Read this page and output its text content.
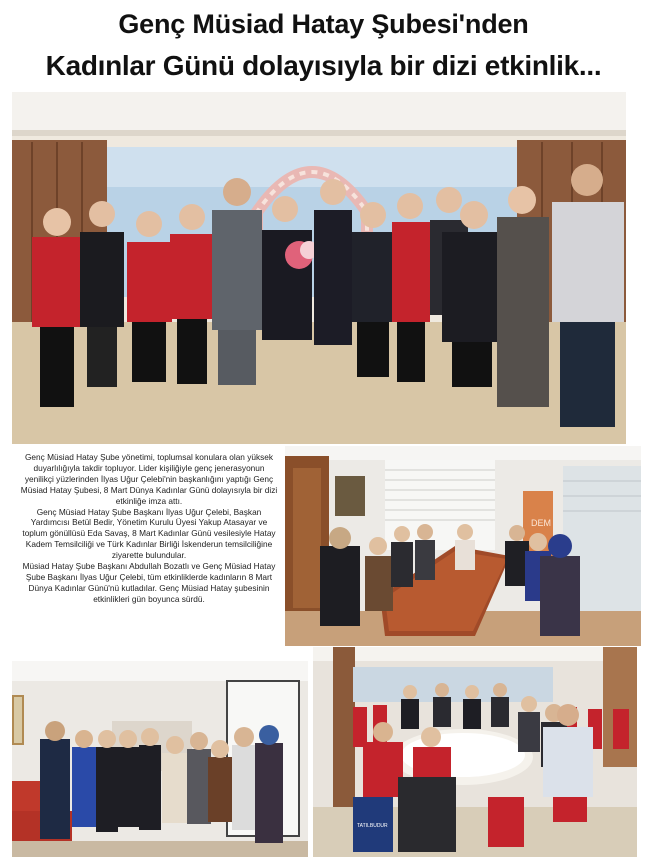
Genç Müsiad Hatay Şubesi'nden
Kadınlar Günü dolayısıyla bir dizi etkinlik...

Genç Müsiad Hatay Şube yönetimi, toplumsal konulara olan yüksek duyarlılığıyla takdir topluyor. Lider kişiliğiyle genç jenerasyonun yenilikçi yüzlerinden İlyas Uğur Çelebi'nin başkanlığını yaptığı Genç Müsiad Hatay Şubesi, 8 Mart Dünya Kadınlar Günü dolayısıyla bir dizi etkinliğe imza attı.

Genç Müsiad Hatay Şube Başkanı İlyas Uğur Çelebi, Başkan Yardımcısı Betül Bedir, Yönetim Kurulu Üyesi Yakup Atasayar ve toplum gönüllüsü Eda Savaş, 8 Mart Kadınlar Günü vesilesiyle Hatay Kadem Temsilciliği ve Türk Kadınlar Birliği İskenderun temsilciliğine ziyarette bulundular.

Müsiad Hatay Şube Başkanı Abdullah Bozatlı ve Genç Müsiad Hatay Şube Başkanı İlyas Uğur Çelebi, tüm etkinliklerde kadınların 8 Mart Dünya Kadınlar Günü'nü kutladılar. Genç Müsiad Hatay şubesinin etkinlikleri gün boyunca sürdü.

DEM
TATILBUDUR
